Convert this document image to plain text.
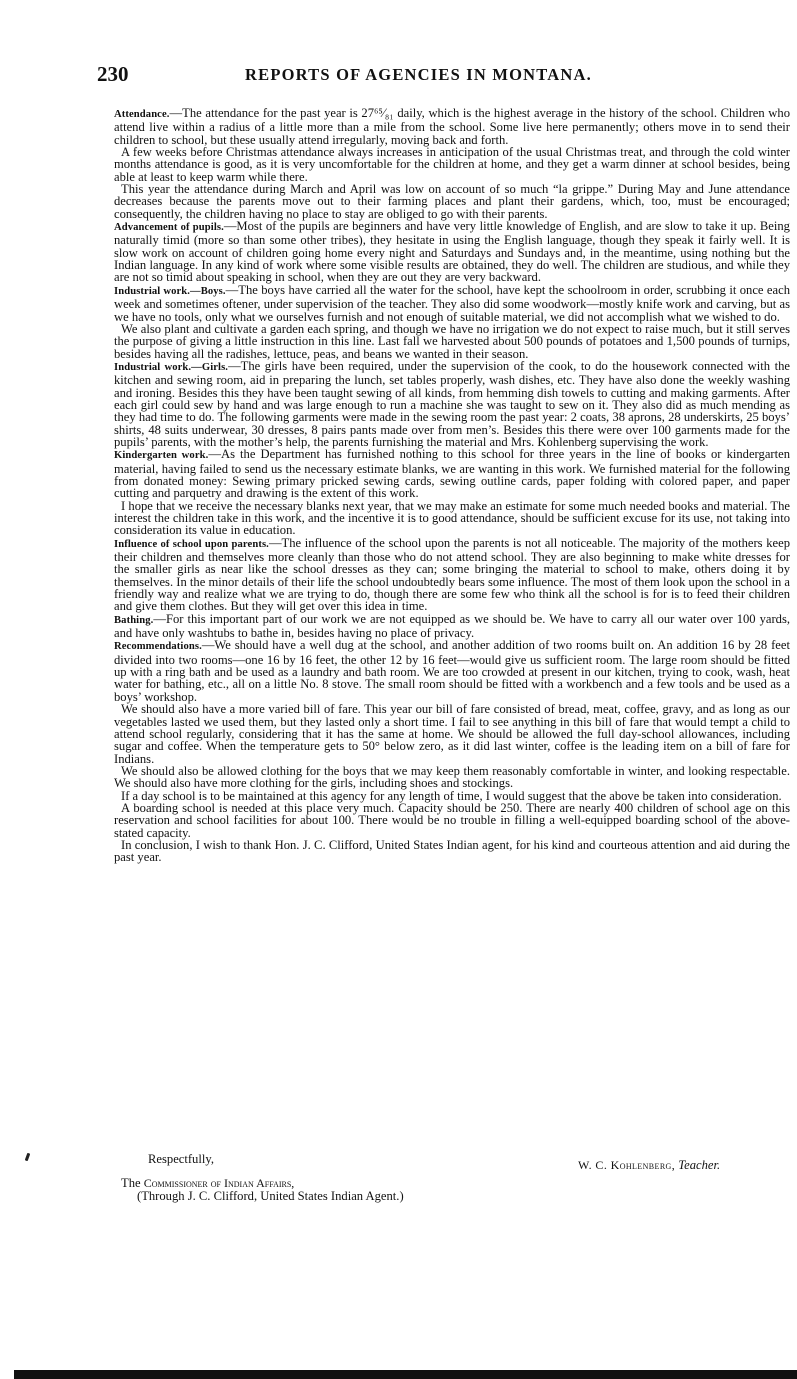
230	REPORTS OF AGENCIES IN MONTANA.

Attendance.—The attendance for the past year is 27⁶⁵⁄₈₁ daily, which is the highest average in the history of the school. Children who attend live within a radius of a little more than a mile from the school. Some live here permanently; others move in to send their children to school, but these usually attend irregularly, moving back and forth.

A few weeks before Christmas attendance always increases in anticipation of the usual Christmas treat, and through the cold winter months attendance is good, as it is very uncomfortable for the children at home, and they get a warm dinner at school besides, being able at least to keep warm while there.

This year the attendance during March and April was low on account of so much “la grippe.” During May and June attendance decreases because the parents move out to their farming places and plant their gardens, which, too, must be encouraged; consequently, the children having no place to stay are obliged to go with their parents.

Advancement of pupils.—Most of the pupils are beginners and have very little knowledge of English, and are slow to take it up. Being naturally timid (more so than some other tribes), they hesitate in using the English language, though they speak it fairly well. It is slow work on account of children going home every night and Saturdays and Sundays and, in the meantime, using nothing but the Indian language. In any kind of work where some visible results are obtained, they do well. The children are studious, and while they are not so timid about speaking in school, when they are out they are very backward.

Industrial work.—Boys.—The boys have carried all the water for the school, have kept the schoolroom in order, scrubbing it once each week and sometimes oftener, under supervision of the teacher. They also did some woodwork—mostly knife work and carving, but as we have no tools, only what we ourselves furnish and not enough of suitable material, we did not accomplish what we wished to do.

We also plant and cultivate a garden each spring, and though we have no irrigation we do not expect to raise much, but it still serves the purpose of giving a little instruction in this line. Last fall we harvested about 500 pounds of potatoes and 1,500 pounds of turnips, besides having all the radishes, lettuce, peas, and beans we wanted in their season.

Industrial work.—Girls.—The girls have been required, under the supervision of the cook, to do the housework connected with the kitchen and sewing room, aid in preparing the lunch, set tables properly, wash dishes, etc. They have also done the weekly washing and ironing. Besides this they have been taught sewing of all kinds, from hemming dish towels to cutting and making garments. After each girl could sew by hand and was large enough to run a machine she was taught to sew on it. They also did as much mending as they had time to do. The following garments were made in the sewing room the past year: 2 coats, 38 aprons, 28 underskirts, 25 boys’ shirts, 48 suits underwear, 30 dresses, 8 pairs pants made over from men’s. Besides this there were over 100 garments made for the pupils’ parents, with the mother’s help, the parents furnishing the material and Mrs. Kohlenberg supervising the work.

Kindergarten work.—As the Department has furnished nothing to this school for three years in the line of books or kindergarten material, having failed to send us the necessary estimate blanks, we are wanting in this work. We furnished material for the following from donated money: Sewing primary pricked sewing cards, sewing outline cards, paper folding with colored paper, and paper cutting and parquetry and drawing is the extent of this work.

I hope that we receive the necessary blanks next year, that we may make an estimate for some much needed books and material. The interest the children take in this work, and the incentive it is to good attendance, should be sufficient excuse for its use, not taking into consideration its value in education.

Influence of school upon parents.—The influence of the school upon the parents is not all noticeable. The majority of the mothers keep their children and themselves more cleanly than those who do not attend school. They are also beginning to make white dresses for the smaller girls as near like the school dresses as they can; some bringing the material to school to make, others doing it by themselves. In the minor details of their life the school undoubtedly bears some influence. The most of them look upon the school in a friendly way and realize what we are trying to do, though there are some few who think all the school is for is to feed their children and give them clothes. But they will get over this idea in time.

Bathing.—For this important part of our work we are not equipped as we should be. We have to carry all our water over 100 yards, and have only washtubs to bathe in, besides having no place of privacy.

Recommendations.—We should have a well dug at the school, and another addition of two rooms built on. An addition 16 by 28 feet divided into two rooms—one 16 by 16 feet, the other 12 by 16 feet—would give us sufficient room. The large room should be fitted up with a ring bath and be used as a laundry and bath room. We are too crowded at present in our kitchen, trying to cook, wash, heat water for bathing, etc., all on a little No. 8 stove. The small room should be fitted with a workbench and a few tools and be used as a boys’ workshop.

We should also have a more varied bill of fare. This year our bill of fare consisted of bread, meat, coffee, gravy, and as long as our vegetables lasted we used them, but they lasted only a short time. I fail to see anything in this bill of fare that would tempt a child to attend school regularly, considering that it has the same at home. We should be allowed the full day-school allowances, including sugar and coffee. When the temperature gets to 50° below zero, as it did last winter, coffee is the leading item on a bill of fare for Indians.

We should also be allowed clothing for the boys that we may keep them reasonably comfortable in winter, and looking respectable. We should also have more clothing for the girls, including shoes and stockings.

If a day school is to be maintained at this agency for any length of time, I would suggest that the above be taken into consideration.

A boarding school is needed at this place very much. Capacity should be 250. There are nearly 400 children of school age on this reservation and school facilities for about 100. There would be no trouble in filling a well-equipped boarding school of the above-stated capacity.

In conclusion, I wish to thank Hon. J. C. Clifford, United States Indian agent, for his kind and courteous attention and aid during the past year.

Respectfully,	W. C. Kohlenberg, Teacher.
The Commissioner of Indian Affairs,
(Through J. C. Clifford, United States Indian Agent.)
